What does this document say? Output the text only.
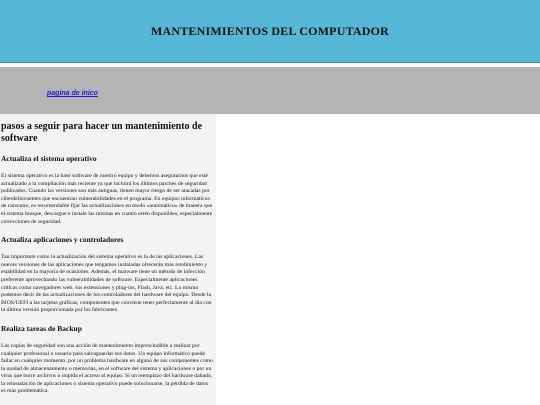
MANTENIMIENTOS DEL COMPUTADOR
pagina de inico
pasos a seguir para hacer un mantenimiento de software
Actualiza el sistema operativo

El sistema operativo es la base software de nuestro equipo y debemos asegurarnos que esté actualizado a la compilación más reciente ya que incluirá los últimos parches de seguridad publicados. Cuando las versiones son más antiguas, tienen mayor riesgo de ser atacadas por ciberdelincuentes que encuentran vulnerabilidades en el programa. En equipos informáticos de consumo, es recomendable fijar las actualizaciones en modo «automático» de manera que el sistema busque, descargue e instale las mismas en cuanto estén disponibles, especialmente correcciones de seguridad.

Actualiza aplicaciones y controladores

Tan importante como la actualización del sistema operativo es la de las aplicaciones. Las nuevas versiones de las aplicaciones que tengamos instaladas ofrecerán más rendimiento y estabilidad en la mayoría de ocasiones. Además, el malware tiene un método de infección preferente aprovechando las vulnerabilidades de software. Especialmente aplicaciones críticas como navegadores web, sus extensiones y plug-ins, Flash, Java, etc. Lo mismo podemos decir de las actualizaciones de los controladores del hardware del equipo. Desde la BIOS/UEFI a las tarjetas gráficas, componentes que conviene tener perfectamente al día con la última versión proporcionada por los fabricantes.

Realiza tareas de Backup

Las copias de seguridad son una acción de mantenimiento imprescindible a realizar por cualquier profesional o usuario para salvaguardar sus datos. Un equipo informático puede fallar en cualquier momento, por un problema hardware en alguno de sus componentes como la unidad de almacenamiento o memorias, en el software del sistema y aplicaciones o por un virus que borre archivos o impida el acceso al equipo. Si un reemplazo del hardware dañado, la reinstalación de aplicaciones o sistema operativo puede solucionarse, la pérdida de datos es más problemática.
